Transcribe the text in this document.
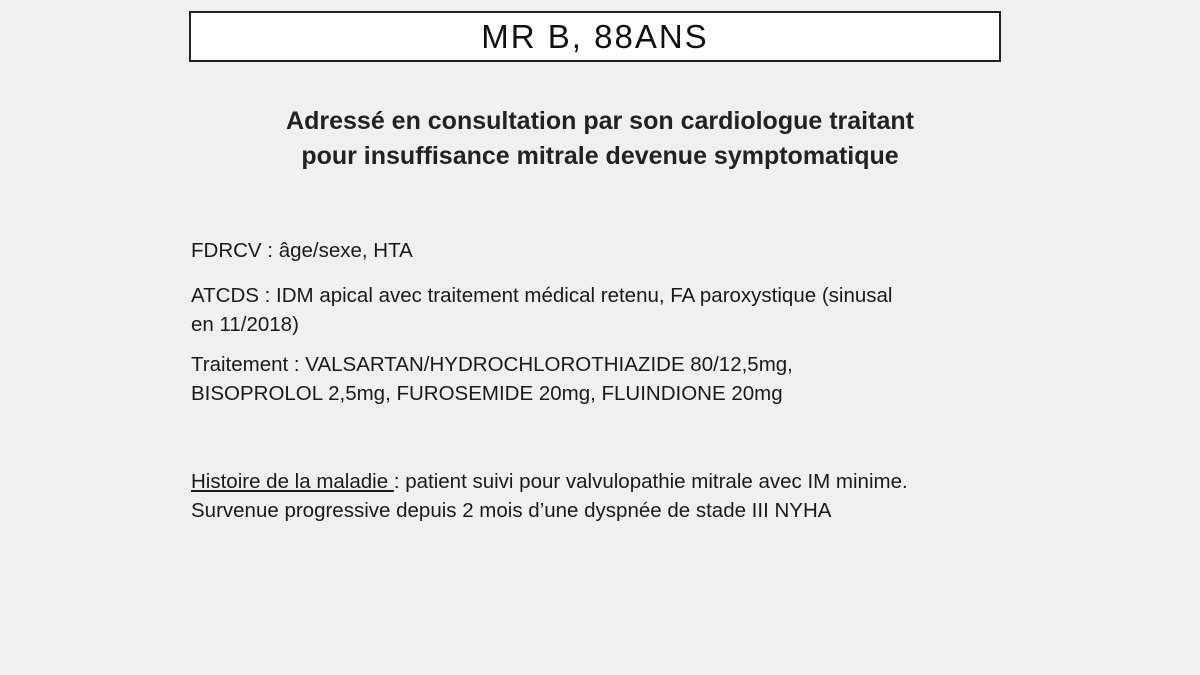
MR B, 88ANS
Adressé en consultation par son cardiologue traitant
pour insuffisance mitrale devenue symptomatique
FDRCV : âge/sexe, HTA
ATCDS : IDM apical avec traitement médical retenu, FA paroxystique (sinusal
en 11/2018)
Traitement : VALSARTAN/HYDROCHLOROTHIAZIDE 80/12,5mg,
BISOPROLOL 2,5mg, FUROSEMIDE 20mg, FLUINDIONE 20mg
Histoire de la maladie : patient suivi pour valvulopathie mitrale avec IM minime.
Survenue progressive depuis 2 mois d’une dyspnée de stade III NYHA
